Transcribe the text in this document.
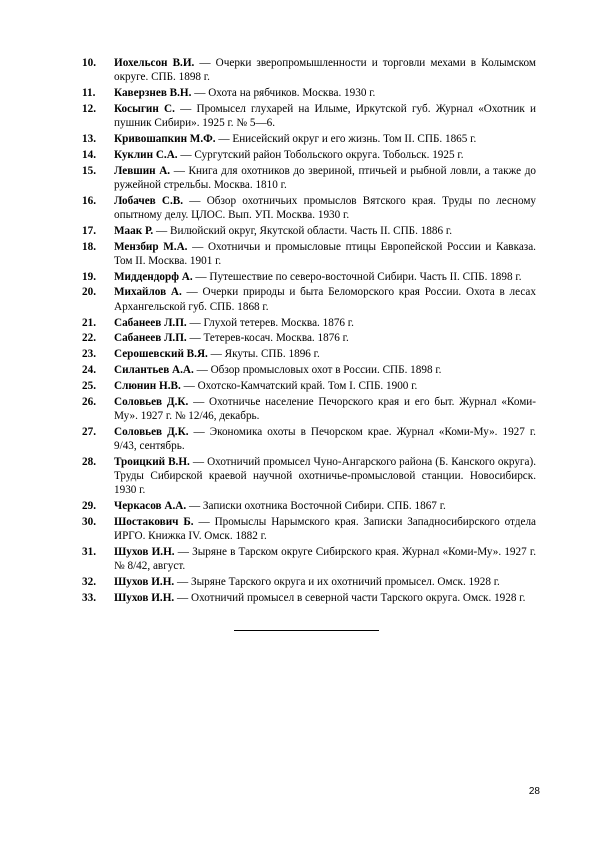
10.	Иохельсон В.И. — Очерки зверопромышленности и торговли мехами в Колымском округе. СПБ. 1898 г.
11.	Каверзнев В.Н. — Охота на рябчиков. Москва. 1930 г.
12.	Косыгин С. — Промысел глухарей на Илыме, Иркутской губ. Журнал «Охотник и пушник Сибири». 1925 г. № 5—6.
13.	Кривошапкин М.Ф. — Енисейский округ и его жизнь. Том II. СПБ. 1865 г.
14.	Куклин С.А. — Сургутский район Тобольского округа. Тобольск. 1925 г.
15.	Левшин А. — Книга для охотников до звериной, птичьей и рыбной ловли, а также до ружейной стрельбы. Москва. 1810 г.
16.	Лобачев С.В. — Обзор охотничьих промыслов Вятского края. Труды по лесному опытному делу. ЦЛОС. Вып. УП. Москва. 1930 г.
17.	Маак Р. — Вилюйский округ, Якутской области. Часть II. СПБ. 1886 г.
18.	Мензбир М.А. — Охотничьи и промысловые птицы Европейской России и Кавказа. Том II. Москва. 1901 г.
19.	Миддендорф А. — Путешествие по северо-восточной Сибири. Часть II. СПБ. 1898 г.
20.	Михайлов А. — Очерки природы и быта Беломорского края России. Охота в лесах Архангельской губ. СПБ. 1868 г.
21.	Сабанеев Л.П. — Глухой тетерев. Москва. 1876 г.
22.	Сабанеев Л.П. — Тетерев-косач. Москва. 1876 г.
23.	Серошевский В.Я. — Якуты. СПБ. 1896 г.
24.	Силантьев А.А. — Обзор промысловых охот в России. СПБ. 1898 г.
25.	Слюнин Н.В. — Охотско-Камчатский край. Том I. СПБ. 1900 г.
26.	Соловьев Д.К. — Охотничье население Печорского края и его быт. Журнал «Коми-Му». 1927 г. № 12/46, декабрь.
27.	Соловьев Д.К. — Экономика охоты в Печорском крае. Журнал «Коми-Му». 1927 г. 9/43, сентябрь.
28.	Троицкий В.Н. — Охотничий промысел Чуно-Ангарского района (Б. Канского округа). Труды Сибирской краевой научной охотничье-промысловой станции. Новосибирск. 1930 г.
29.	Черкасов А.А. — Записки охотника Восточной Сибири. СПБ. 1867 г.
30.	Шостакович Б. — Промыслы Нарымского края. Записки Западносибирского отдела ИРГО. Книжка IV. Омск. 1882 г.
31.	Шухов И.Н. — Зыряне в Тарском округе Сибирского края. Журнал «Коми-Му». 1927 г. № 8/42, август.
32.	Шухов И.Н. — Зыряне Тарского округа и их охотничий промысел. Омск. 1928 г.
33.	Шухов И.Н. — Охотничий промысел в северной части Тарского округа. Омск. 1928 г.
28
